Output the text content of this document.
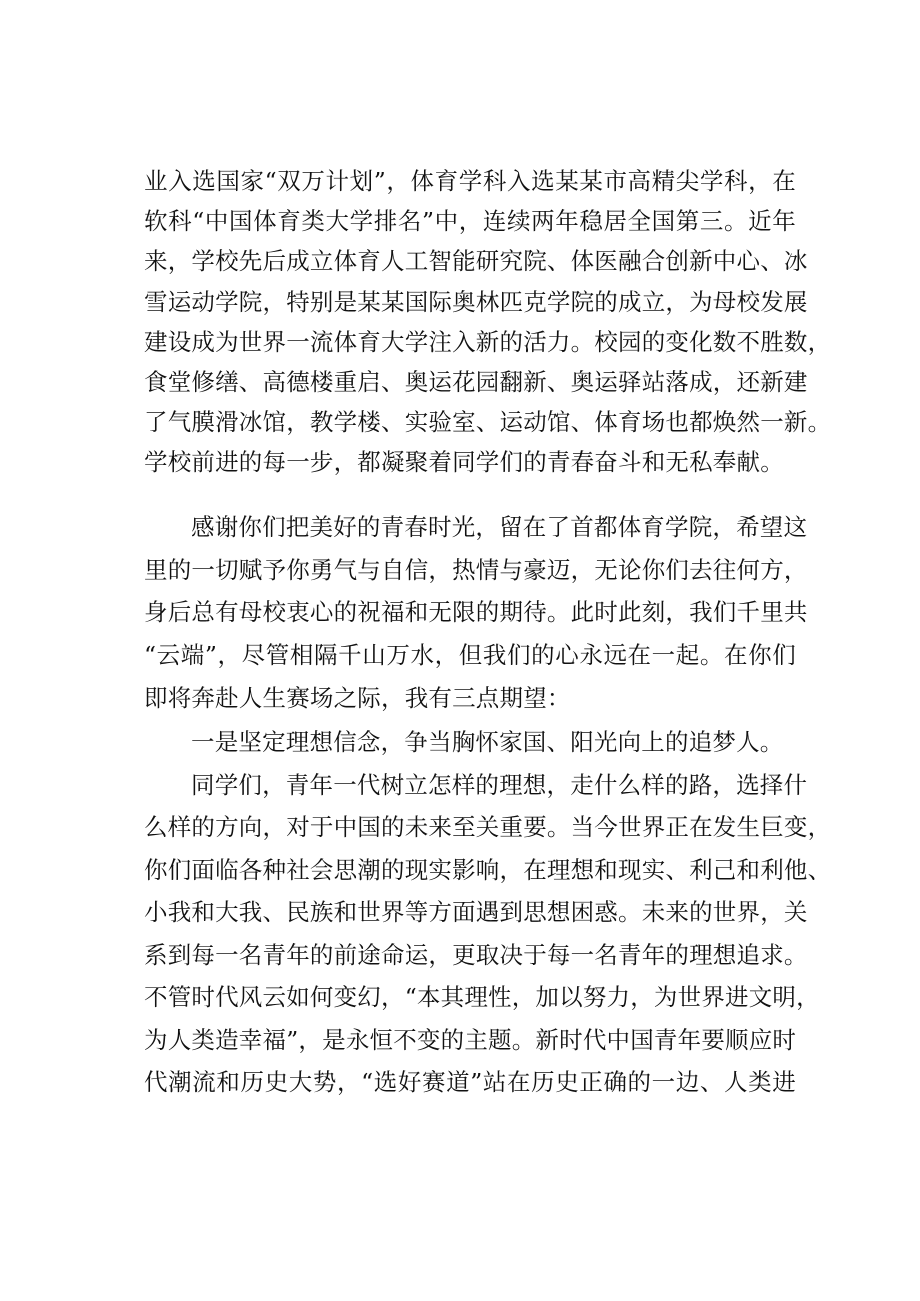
业入选国家“双万计划”，体育学科入选某某市高精尖学科，在
软科“中国体育类大学排名”中，连续两年稳居全国第三。近年
来，学校先后成立体育人工智能研究院、体医融合创新中心、冰
雪运动学院，特别是某某国际奥林匹克学院的成立，为母校发展
建设成为世界一流体育大学注入新的活力。校园的变化数不胜数，
食堂修缮、高德楼重启、奥运花园翻新、奥运驿站落成，还新建
了气膜滑冰馆，教学楼、实验室、运动馆、体育场也都焕然一新。
学校前进的每一步，都凝聚着同学们的青春奋斗和无私奉献。
感谢你们把美好的青春时光，留在了首都体育学院，希望这
里的一切赋予你勇气与自信，热情与豪迈，无论你们去往何方，
身后总有母校衷心的祝福和无限的期待。此时此刻，我们千里共
“云端”，尽管相隔千山万水，但我们的心永远在一起。在你们
即将奔赴人生赛场之际，我有三点期望：
一是坚定理想信念，争当胸怀家国、阳光向上的追梦人。
同学们，青年一代树立怎样的理想，走什么样的路，选择什
么样的方向，对于中国的未来至关重要。当今世界正在发生巨变，
你们面临各种社会思潮的现实影响，在理想和现实、利己和利他、
小我和大我、民族和世界等方面遇到思想困惑。未来的世界，关
系到每一名青年的前途命运，更取决于每一名青年的理想追求。
不管时代风云如何变幻，“本其理性，加以努力，为世界进文明，
为人类造幸福”，是永恒不变的主题。新时代中国青年要顺应时
代潮流和历史大势，“选好赛道”站在历史正确的一边、人类进
